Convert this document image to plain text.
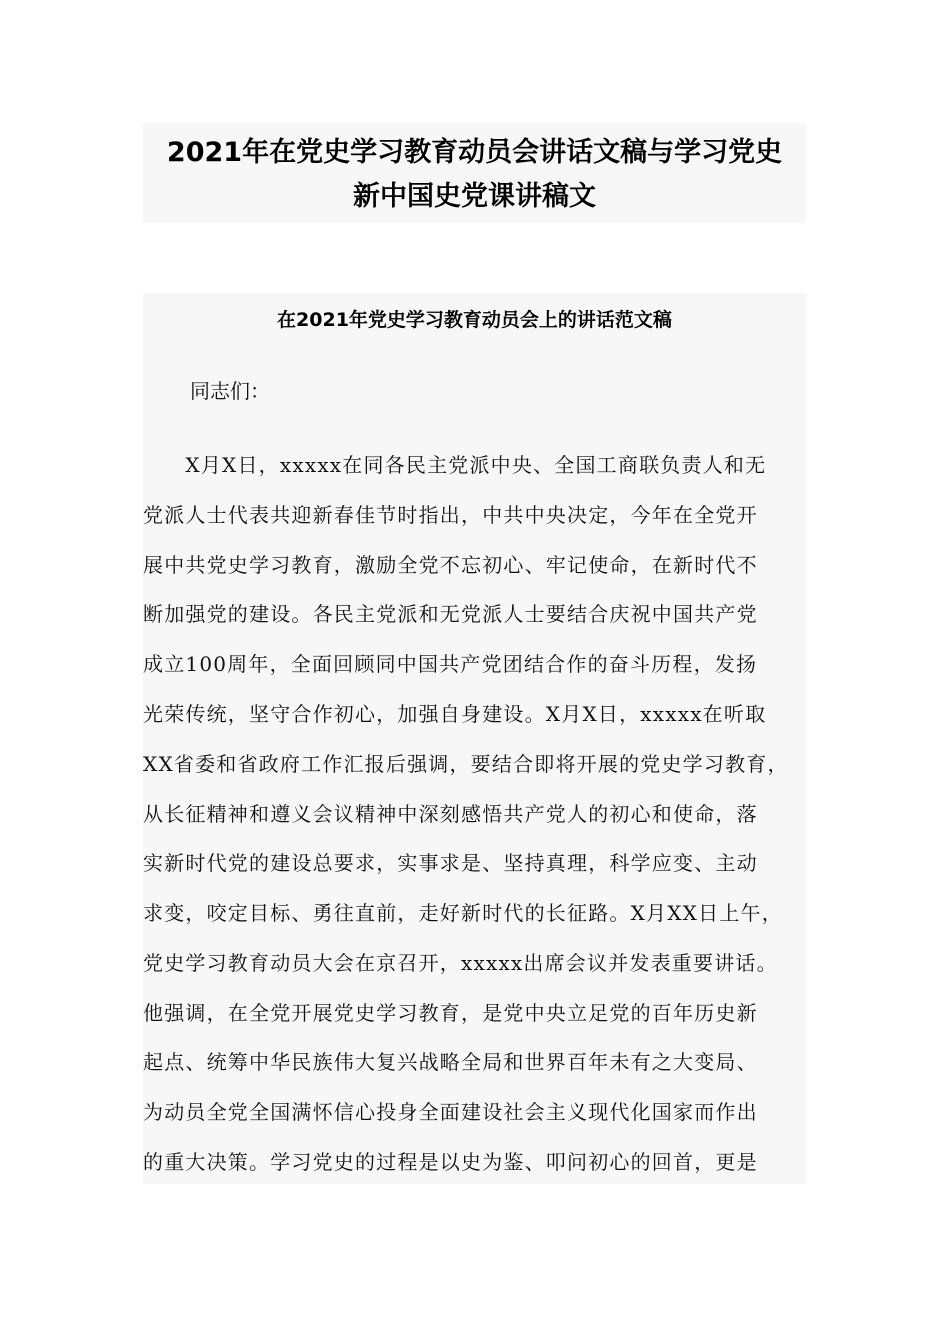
2021年在党史学习教育动员会讲话文稿与学习党史
新中国史党课讲稿文
在2021年党史学习教育动员会上的讲话范文稿
同志们：
　　X月X日，xxxxx在同各民主党派中央、全国工商联负责人和无
党派人士代表共迎新春佳节时指出，中共中央决定，今年在全党开
展中共党史学习教育，激励全党不忘初心、牢记使命，在新时代不
断加强党的建设。各民主党派和无党派人士要结合庆祝中国共产党
成立100周年，全面回顾同中国共产党团结合作的奋斗历程，发扬
光荣传统，坚守合作初心，加强自身建设。X月X日，xxxxx在听取
XX省委和省政府工作汇报后强调，要结合即将开展的党史学习教育，
从长征精神和遵义会议精神中深刻感悟共产党人的初心和使命，落
实新时代党的建设总要求，实事求是、坚持真理，科学应变、主动
求变，咬定目标、勇往直前，走好新时代的长征路。X月XX日上午，
党史学习教育动员大会在京召开，xxxxx出席会议并发表重要讲话。
他强调，在全党开展党史学习教育，是党中央立足党的百年历史新
起点、统筹中华民族伟大复兴战略全局和世界百年未有之大变局、
为动员全党全国满怀信心投身全面建设社会主义现代化国家而作出
的重大决策。学习党史的过程是以史为鉴、叩问初心的回首，更是
